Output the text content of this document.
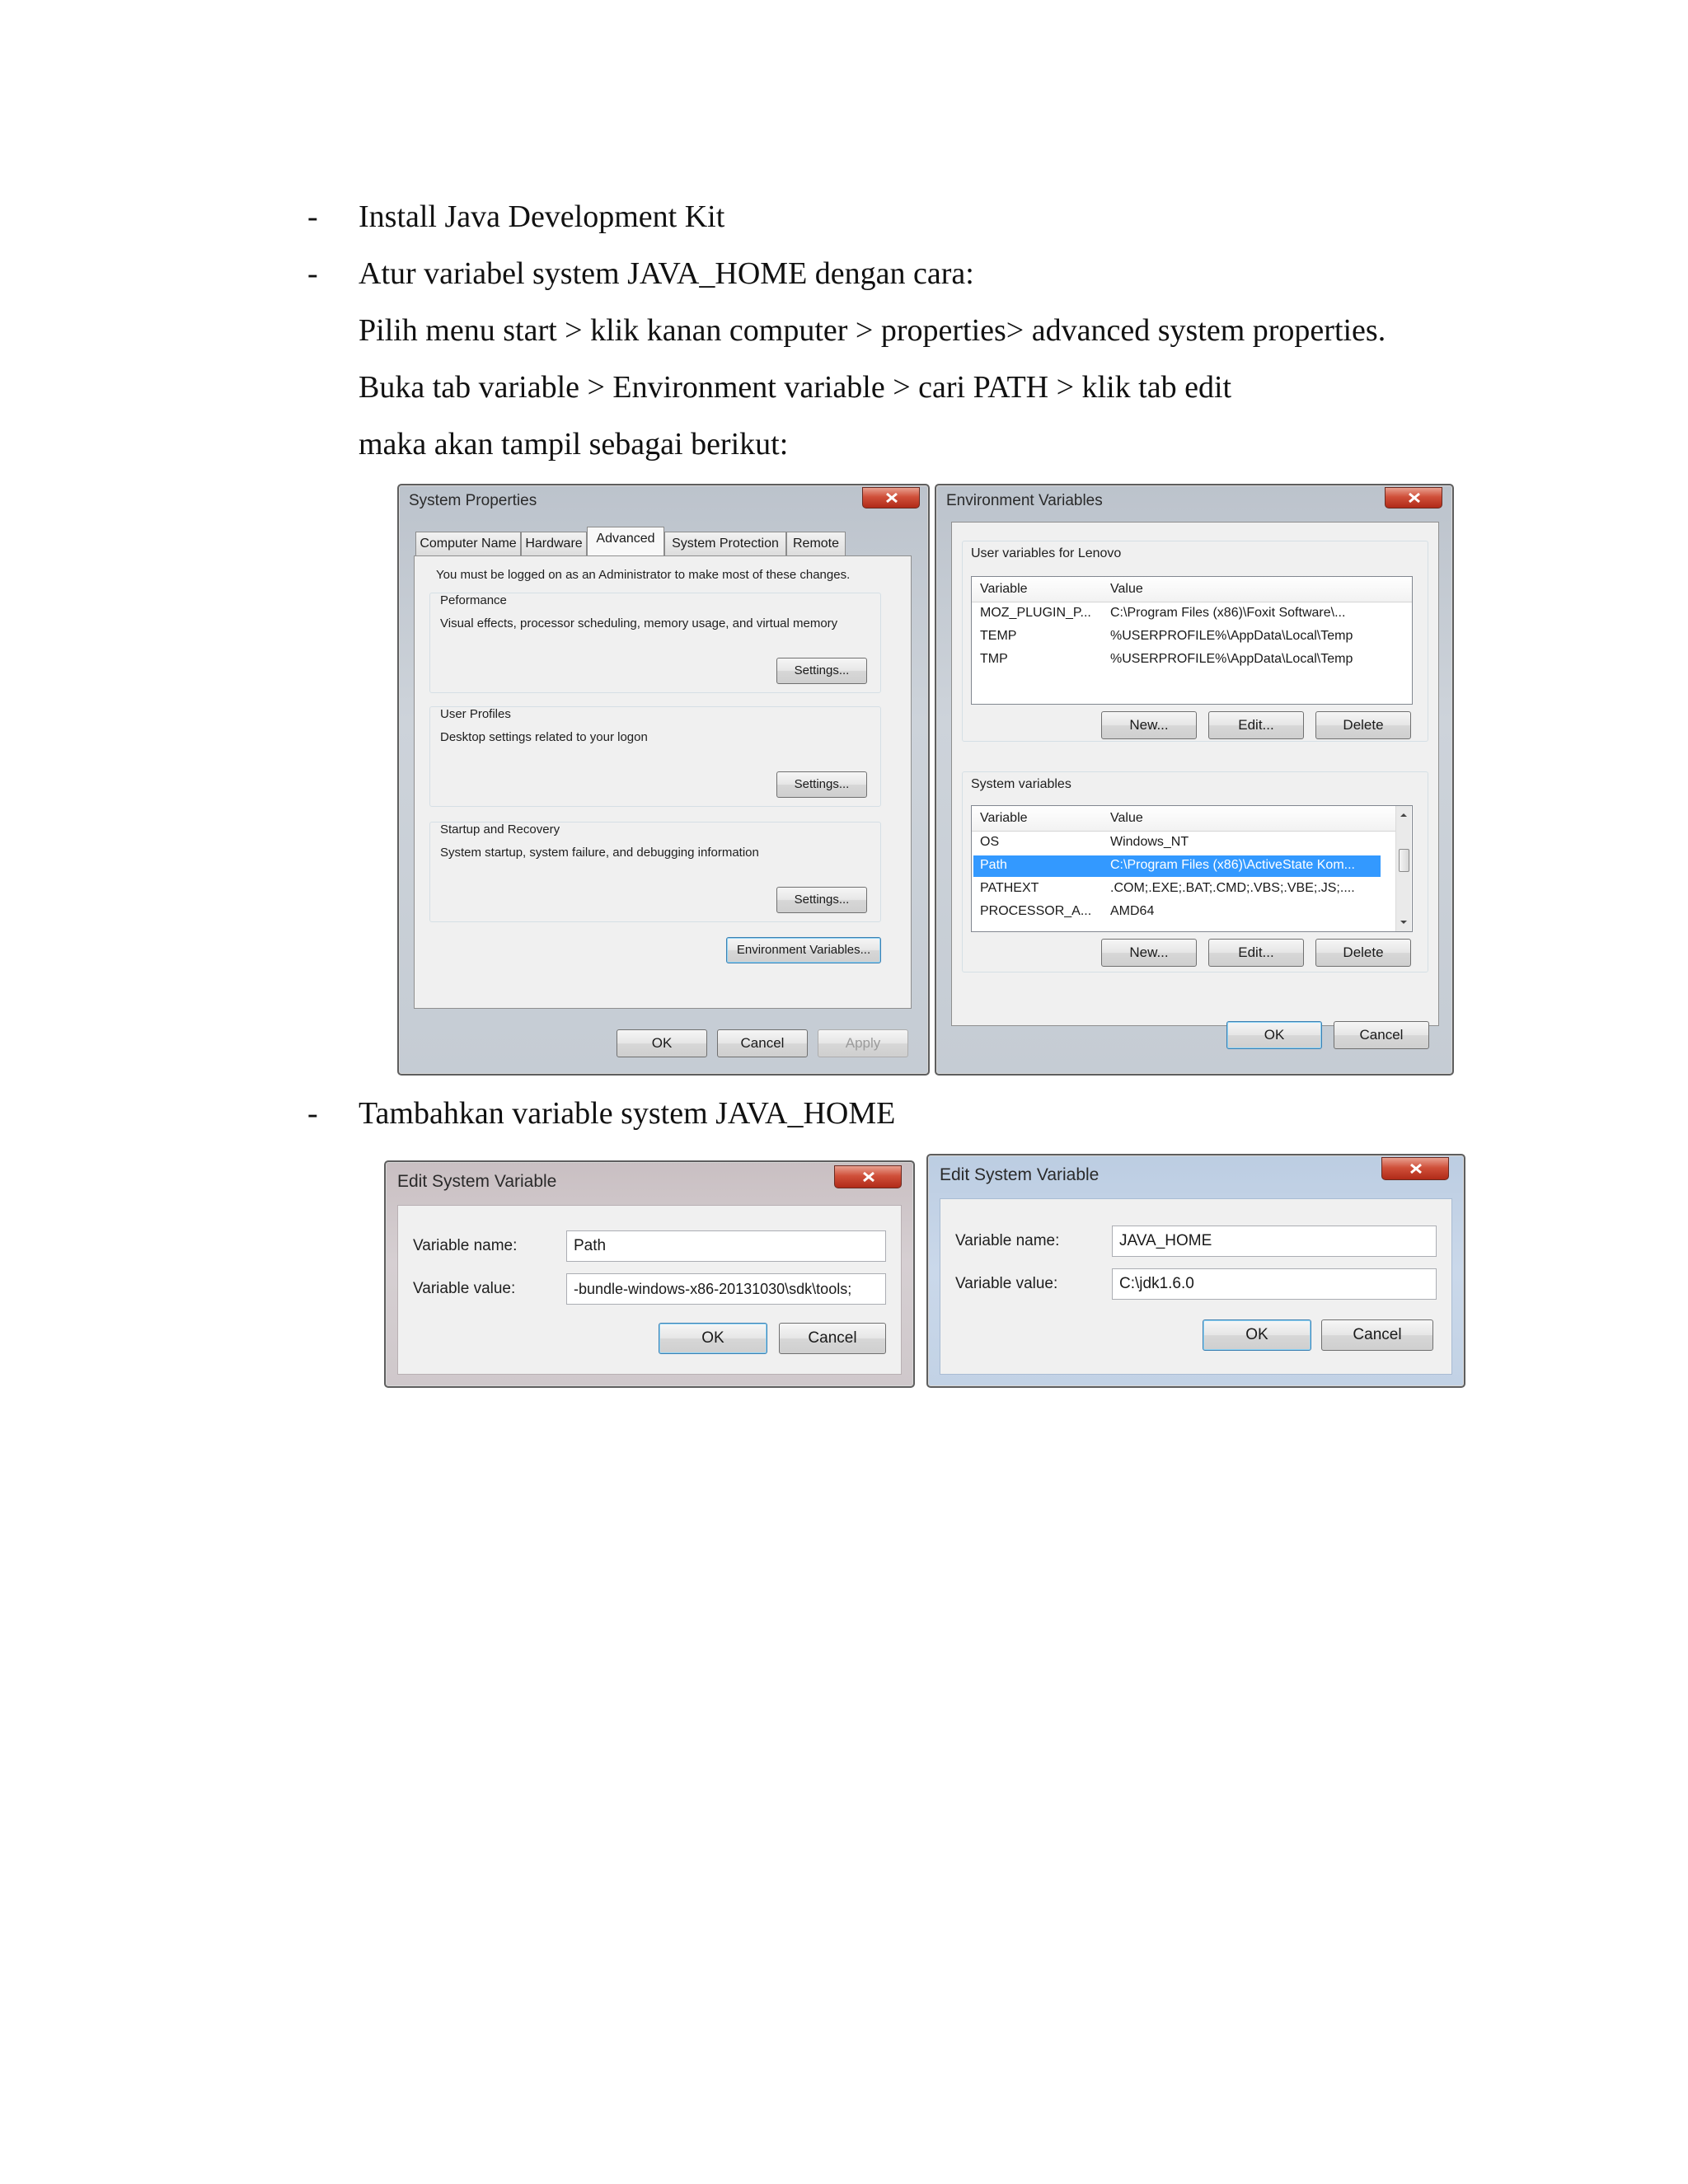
- Install Java Development Kit
- Atur variabel system JAVA_HOME dengan cara:
Pilih menu start > klik kanan computer > properties> advanced system properties.
Buka tab variable > Environment variable > cari PATH > klik tab edit
maka akan tampil sebagai berikut:
- Tambahkan variable system JAVA_HOME
System Properties
Computer Name Hardware	Advanced	System Protection	Remote
You must be logged on as an Administrator to make most of these changes.
Peformance
Visual effects, processor scheduling, memory usage, and virtual memory
Settings...
User Profiles
Desktop settings related to your logon
Settings...
Startup and Recovery
System startup, system failure, and debugging information
Settings...
Environment Variables...
OK	Cancel	Apply
Environment Variables
User variables for Lenovo
Variable	Value
MOZ_PLUGIN_P...	C:\Program Files (x86)\Foxit Software\...
TEMP	%USERPROFILE%\AppData\Local\Temp
TMP	%USERPROFILE%\AppData\Local\Temp
New...	Edit...	Delete
System variables
Variable	Value
OS	Windows_NT
Path	C:\Program Files (x86)\ActiveState Kom...
PATHEXT	.COM;.EXE;.BAT;.CMD;.VBS;.VBE;.JS;....
PROCESSOR_A...	AMD64
New...	Edit...	Delete
OK	Cancel
Edit System Variable
Variable name:	Path
Variable value:	-bundle-windows-x86-20131030\sdk\tools;
OK	Cancel
Edit System Variable
Variable name:	JAVA_HOME
Variable value:	C:\jdk1.6.0
OK	Cancel
